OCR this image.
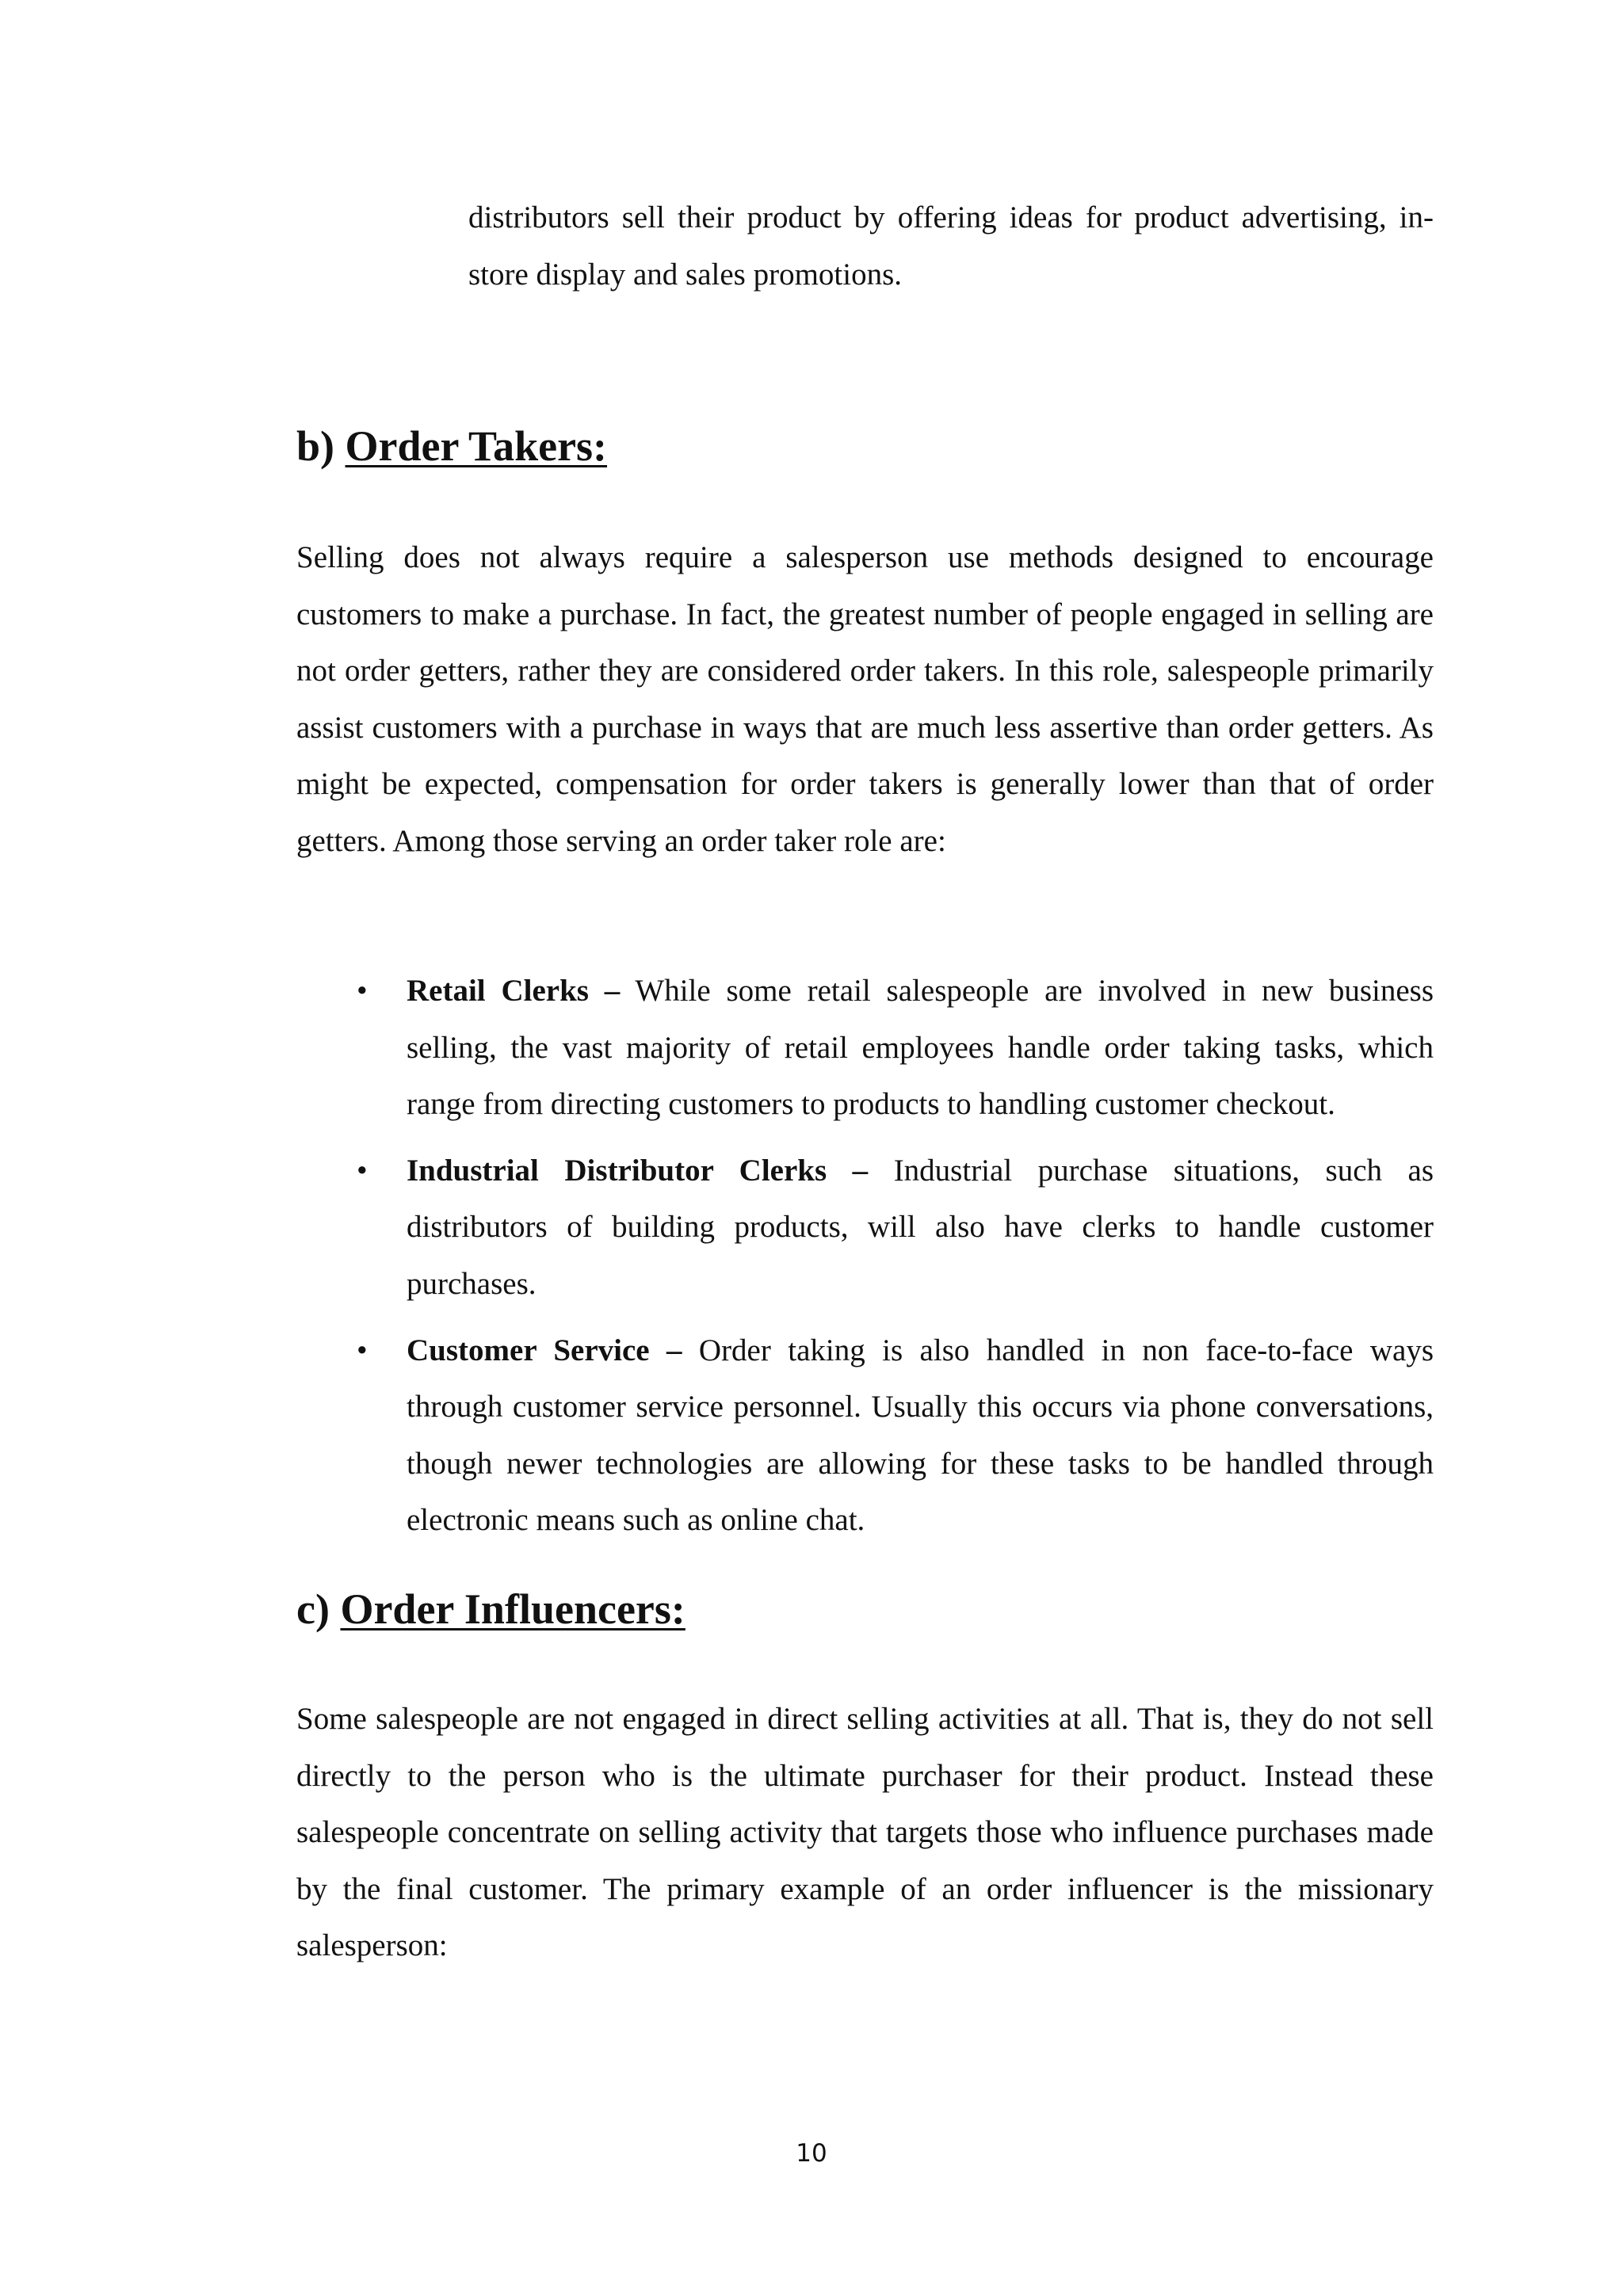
distributors sell their product by offering ideas for product advertising, in-store display and sales promotions.

b) Order Takers:

Selling does not always require a salesperson use methods designed to encourage customers to make a purchase. In fact, the greatest number of people engaged in selling are not order getters, rather they are considered order takers. In this role, salespeople primarily assist customers with a purchase in ways that are much less assertive than order getters. As might be expected, compensation for order takers is generally lower than that of order getters. Among those serving an order taker role are:

• Retail Clerks – While some retail salespeople are involved in new business selling, the vast majority of retail employees handle order taking tasks, which range from directing customers to products to handling customer checkout.
• Industrial Distributor Clerks – Industrial purchase situations, such as distributors of building products, will also have clerks to handle customer purchases.
• Customer Service – Order taking is also handled in non face-to-face ways through customer service personnel. Usually this occurs via phone conversations, though newer technologies are allowing for these tasks to be handled through electronic means such as online chat.
c) Order Influencers:

Some salespeople are not engaged in direct selling activities at all. That is, they do not sell directly to the person who is the ultimate purchaser for their product. Instead these salespeople concentrate on selling activity that targets those who influence purchases made by the final customer. The primary example of an order influencer is the missionary salesperson:

10
